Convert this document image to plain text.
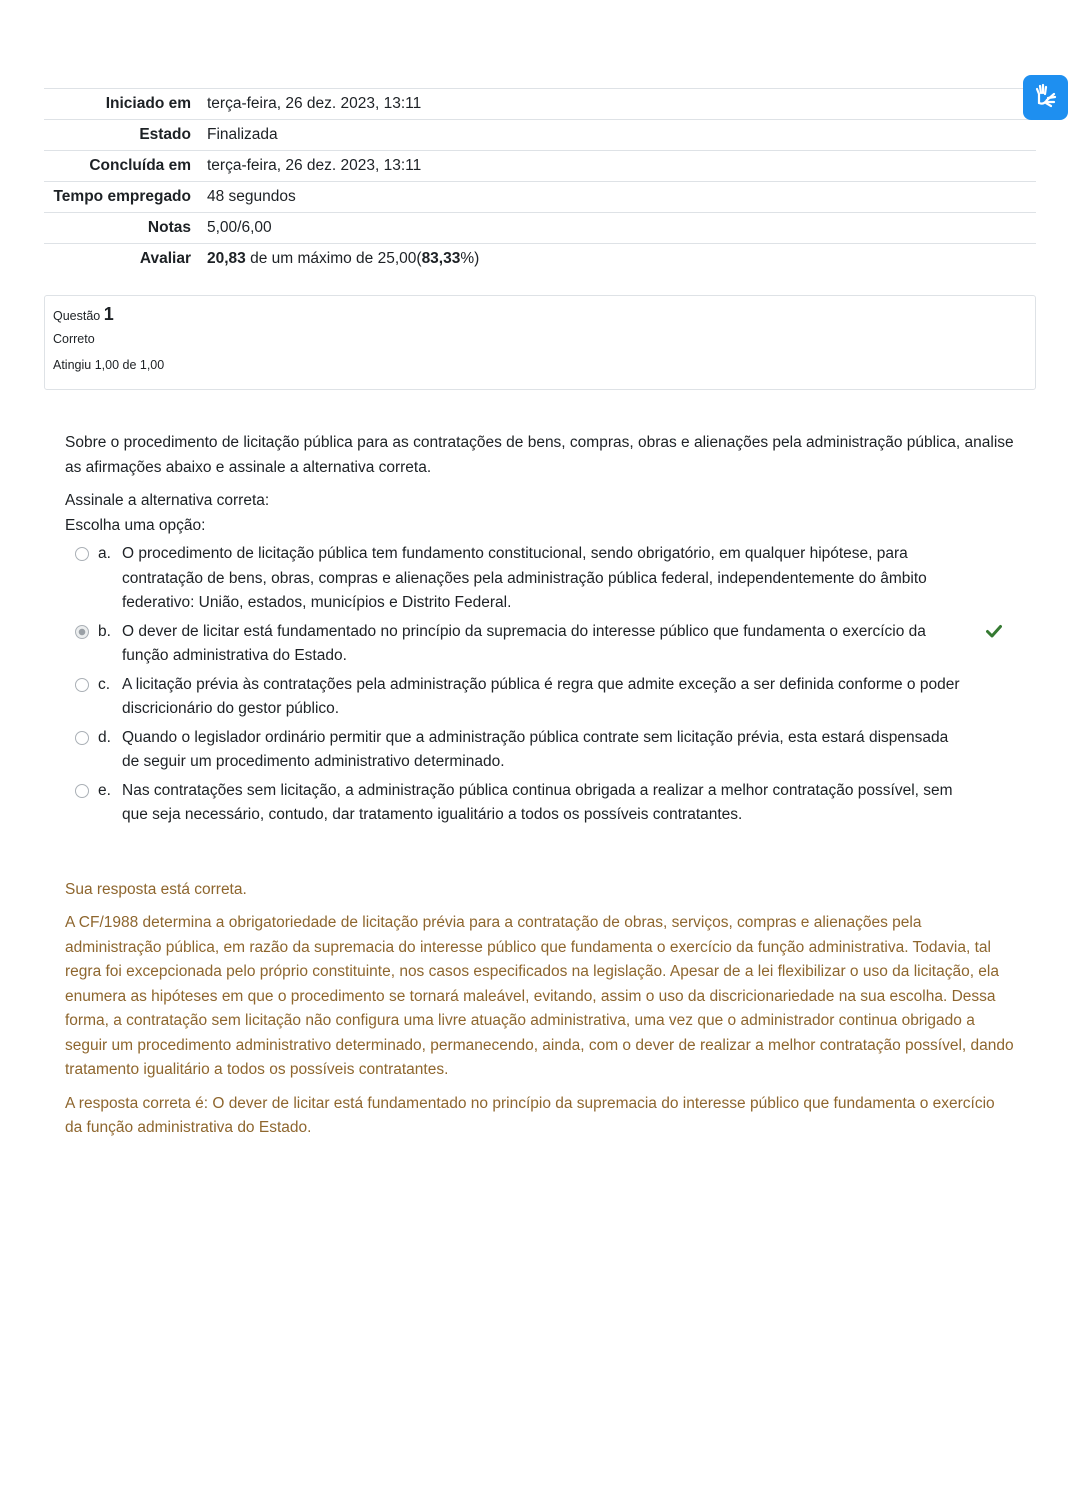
Iniciado em	terça-feira, 26 dez. 2023, 13:11
Estado	Finalizada
Concluída em	terça-feira, 26 dez. 2023, 13:11
Tempo empregado	48 segundos
Notas	5,00/6,00
Avaliar	20,83 de um máximo de 25,00(83,33%)
Questão 1
Correto
Atingiu 1,00 de 1,00

Sobre o procedimento de licitação pública para as contratações de bens, compras, obras e alienações pela administração pública, analise as afirmações abaixo e assinale a alternativa correta.

Assinale a alternativa correta:

Escolha uma opção:

a. O procedimento de licitação pública tem fundamento constitucional, sendo obrigatório, em qualquer hipótese, para contratação de bens, obras, compras e alienações pela administração pública federal, independentemente do âmbito federativo: União, estados, municípios e Distrito Federal.
b. O dever de licitar está fundamentado no princípio da supremacia do interesse público que fundamenta o exercício da função administrativa do Estado.
c. A licitação prévia às contratações pela administração pública é regra que admite exceção a ser definida conforme o poder discricionário do gestor público.
d. Quando o legislador ordinário permitir que a administração pública contrate sem licitação prévia, esta estará dispensada de seguir um procedimento administrativo determinado.
e. Nas contratações sem licitação, a administração pública continua obrigada a realizar a melhor contratação possível, sem que seja necessário, contudo, dar tratamento igualitário a todos os possíveis contratantes.

Sua resposta está correta.

A CF/1988 determina a obrigatoriedade de licitação prévia para a contratação de obras, serviços, compras e alienações pela administração pública, em razão da supremacia do interesse público que fundamenta o exercício da função administrativa. Todavia, tal regra foi excepcionada pelo próprio constituinte, nos casos especificados na legislação. Apesar de a lei flexibilizar o uso da licitação, ela enumera as hipóteses em que o procedimento se tornará maleável, evitando, assim o uso da discricionariedade na sua escolha. Dessa forma, a contratação sem licitação não configura uma livre atuação administrativa, uma vez que o administrador continua obrigado a seguir um procedimento administrativo determinado, permanecendo, ainda, com o dever de realizar a melhor contratação possível, dando tratamento igualitário a todos os possíveis contratantes.

A resposta correta é: O dever de licitar está fundamentado no princípio da supremacia do interesse público que fundamenta o exercício da função administrativa do Estado.
